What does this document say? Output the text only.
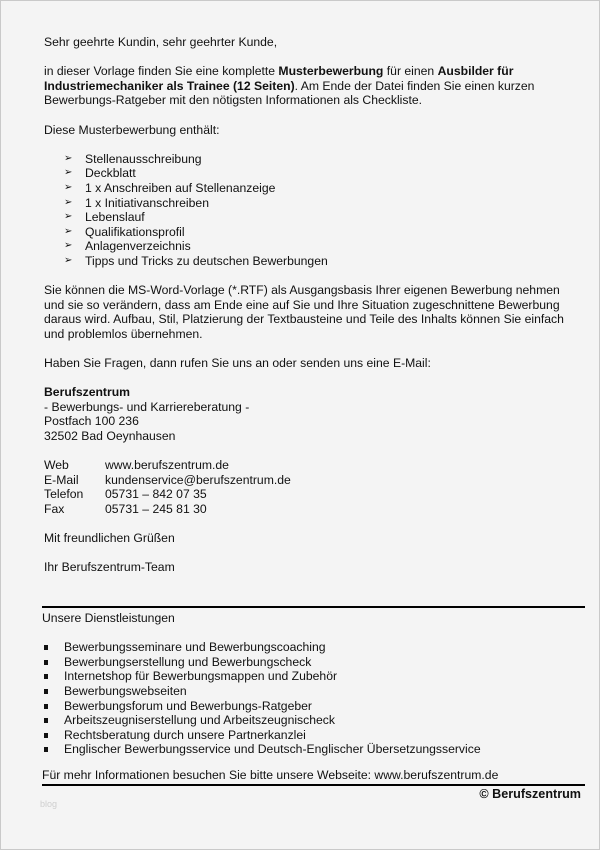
Sehr geehrte Kundin, sehr geehrter Kunde,

in dieser Vorlage finden Sie eine komplette Musterbewerbung für einen Ausbilder für Industriemechaniker als Trainee (12 Seiten). Am Ende der Datei finden Sie einen kurzen Bewerbungs-Ratgeber mit den nötigsten Informationen als Checkliste.

Diese Musterbewerbung enthält:

➢ Stellenausschreibung
➢ Deckblatt
➢ 1 x Anschreiben auf Stellenanzeige
➢ 1 x Initiativanschreiben
➢ Lebenslauf
➢ Qualifikationsprofil
➢ Anlagenverzeichnis
➢ Tipps und Tricks zu deutschen Bewerbungen

Sie können die MS-Word-Vorlage (*.RTF) als Ausgangsbasis Ihrer eigenen Bewerbung nehmen und sie so verändern, dass am Ende eine auf Sie und Ihre Situation zugeschnittene Bewerbung daraus wird. Aufbau, Stil, Platzierung der Textbausteine und Teile des Inhalts können Sie einfach und problemlos übernehmen.

Haben Sie Fragen, dann rufen Sie uns an oder senden uns eine E-Mail:

Berufszentrum

- Bewerbungs- und Karriereberatung -

Postfach 100 236

32502 Bad Oeynhausen

Web	www.berufszentrum.de
E-Mail	kundenservice@berufszentrum.de
Telefon	05731 – 842 07 35
Fax	05731 – 245 81 30

Mit freundlichen Grüßen

Ihr Berufszentrum-Team

Unsere Dienstleistungen

Bewerbungsseminare und Bewerbungscoaching
Bewerbungserstellung und Bewerbungscheck
Internetshop für Bewerbungsmappen und Zubehör
Bewerbungswebseiten
Bewerbungsforum und Bewerbungs-Ratgeber
Arbeitszeugniserstellung und Arbeitszeugnischeck
Rechtsberatung durch unsere Partnerkanzlei
Englischer Bewerbungsservice und Deutsch-Englischer Übersetzungsservice
Für mehr Informationen besuchen Sie bitte unsere Webseite: www.berufszentrum.de
© Berufszentrum
blog
